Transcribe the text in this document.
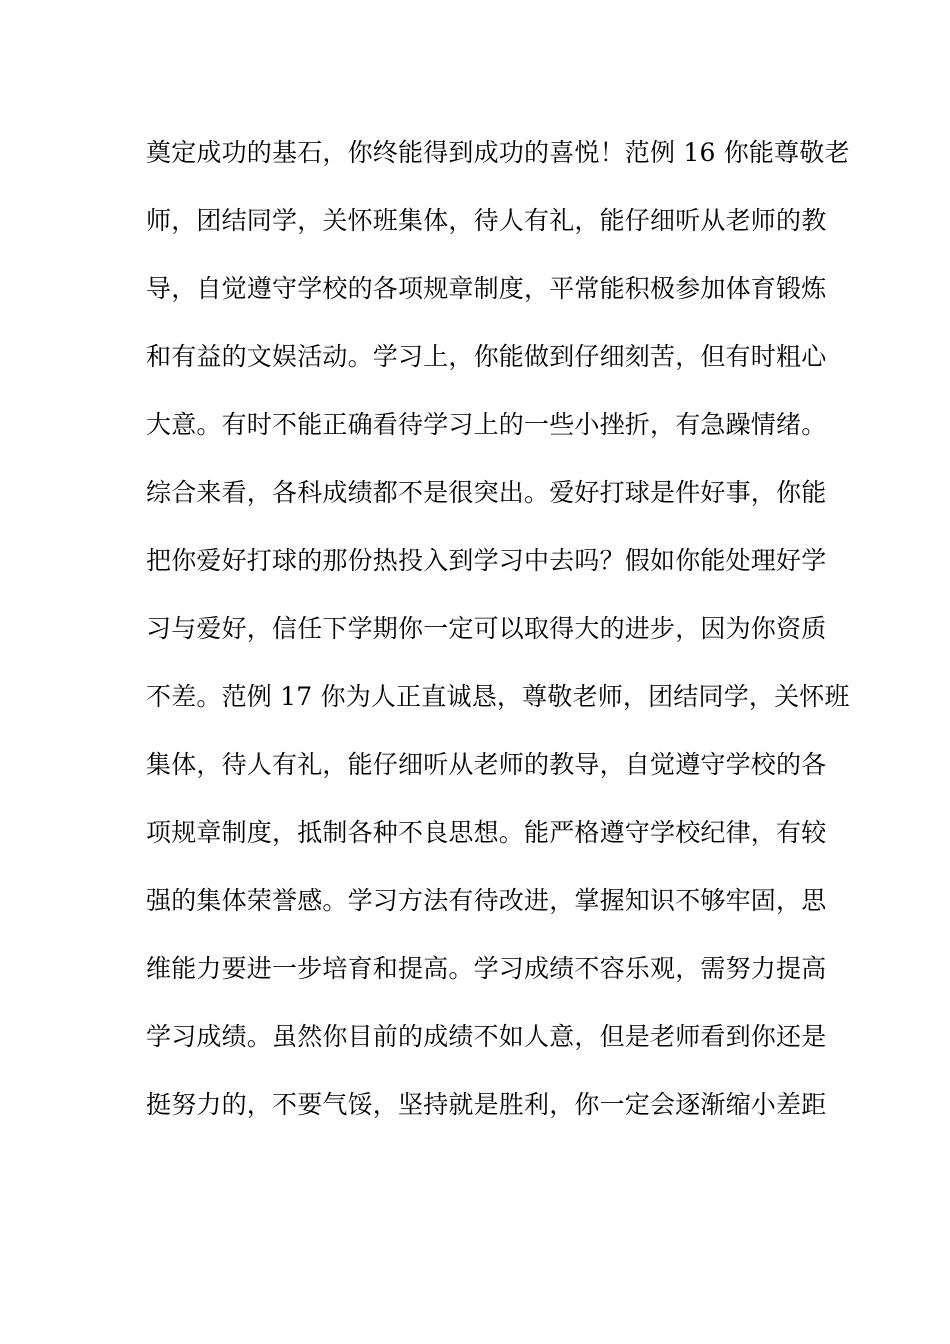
奠定成功的基石，你终能得到成功的喜悦！范例 16 你能尊敬老
师，团结同学，关怀班集体，待人有礼，能仔细听从老师的教
导，自觉遵守学校的各项规章制度，平常能积极参加体育锻炼
和有益的文娱活动。学习上，你能做到仔细刻苦，但有时粗心
大意。有时不能正确看待学习上的一些小挫折，有急躁情绪。
综合来看，各科成绩都不是很突出。爱好打球是件好事，你能
把你爱好打球的那份热投入到学习中去吗？假如你能处理好学
习与爱好，信任下学期你一定可以取得大的进步，因为你资质
不差。范例 17 你为人正直诚恳，尊敬老师，团结同学，关怀班
集体，待人有礼，能仔细听从老师的教导，自觉遵守学校的各
项规章制度，抵制各种不良思想。能严格遵守学校纪律，有较
强的集体荣誉感。学习方法有待改进，掌握知识不够牢固，思
维能力要进一步培育和提高。学习成绩不容乐观，需努力提高
学习成绩。虽然你目前的成绩不如人意，但是老师看到你还是
挺努力的，不要气馁，坚持就是胜利，你一定会逐渐缩小差距
